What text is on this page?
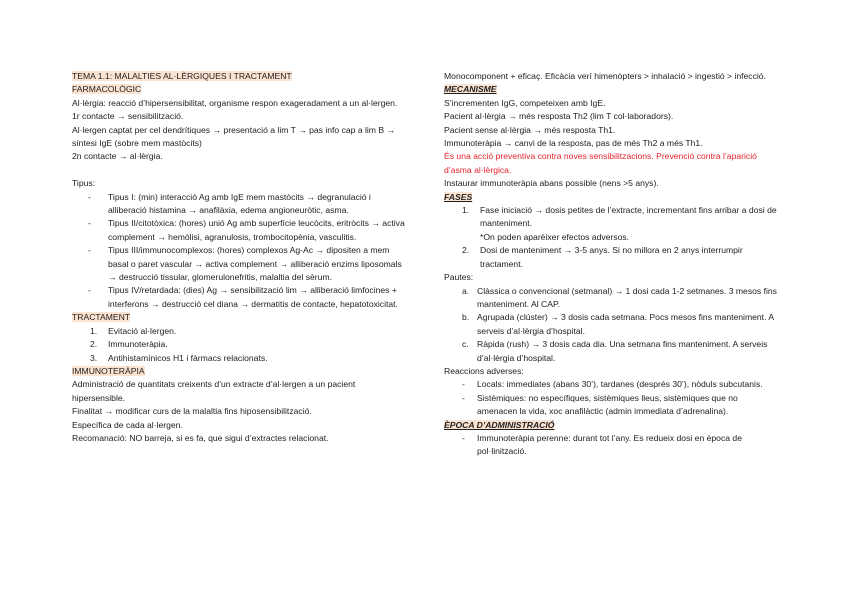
TEMA 1.1: MALALTIES AL·LÈRGIQUES I TRACTAMENT

FARMACOLÒGIC

Al·lèrgia: reacció d’hipersensibilitat, organisme respon exageradament a un al·lergen.

1r contacte → sensibilització.

Al·lergen captat per cel dendrítiques → presentació a lim T → pas info cap a lim B → síntesi IgE (sobre mem mastòcits)

2n contacte → al·lèrgia.

Tipus:

- Tipus I: (min) interacció Ag amb IgE mem mastòcits → degranulació i alliberació histamina → anafilàxia, edema angioneuròtic, asma.
- Tipus II/citotòxica: (hores) unió Ag amb superfície leucòcits, eritròcits → activa complement → hemòlisi, agranulosis, trombocitopènia, vasculitis.
- Tipus III/immunocomplexos: (hores) complexos Ag-Ac → dipositen a mem basal o paret vascular → activa complement → alliberació enzims liposomals → destrucció tissular, glomerulonefritis, malaltia del sèrum.
- Tipus IV/retardada: (dies) Ag → sensibilització lim → alliberació limfocines + interferons → destrucció cel diana → dermatitis de contacte, hepatotoxicitat.

TRACTAMENT

1. Evitació al·lergen.
2. Immunoteràpia.
3. Antihistamínicos H1 i fàrmacs relacionats.

IMMUNOTERÀPIA

Administració de quantitats creixents d’un extracte d’al·lergen a un pacient hipersensible.

Finalitat → modificar curs de la malaltia fins hiposensibilització.

Específica de cada al·lergen.

Recomanació: NO barreja, si es fa, que sigui d’extractes relacionat.

Monocomponent + eficaç. Eficàcia verí himenòpters > inhalació > ingestió > infecció.

MECANISME

S’incrementen IgG, competeixen amb IgE.

Pacient al·lèrgia → més resposta Th2 (lim T col·laboradors).

Pacient sense al·lèrgia → més resposta Th1.

Immunoteràpia → canvi de la resposta, pas de més Th2 a més Th1.

És una acció preventiva contra noves sensibilitzacions. Prevenció contra l’aparició d’asma al·lèrgica.

Instaurar immunoteràpia abans possible (nens >5 anys).

FASES

1. Fase iniciació → dosis petites de l’extracte, incrementant fins arribar a dosi de manteniment.
*On poden aparèixer efectos adversos.
2. Dosi de manteniment → 3-5 anys. Si no millora en 2 anys interrumpir tractament.

Pautes:

a. Clàssica o convencional (setmanal) → 1 dosi cada 1-2 setmanes. 3 mesos fins manteniment. Al CAP.
b. Agrupada (clúster) → 3 dosis cada setmana. Pocs mesos fins manteniment. A serveis d’al·lèrgia d’hospital.
c. Ràpida (rush) → 3 dosis cada dia. Una setmana fins manteniment. A serveis d’al·lèrgia d’hospital.

Reaccions adverses:

- Locals: immediates (abans 30’), tardanes (després 30’), nòduls subcutanis.
- Sistèmiques: no específiques, sistèmiques lleus, sistèmiques que no amenacen la vida, xoc anafilàctic (admin immediata d’adrenalina).

ÈPOCA D’ADMINISTRACIÓ

- Immunoteràpia perenne: durant tot l’any. Es redueix dosi en època de pol·linització.
